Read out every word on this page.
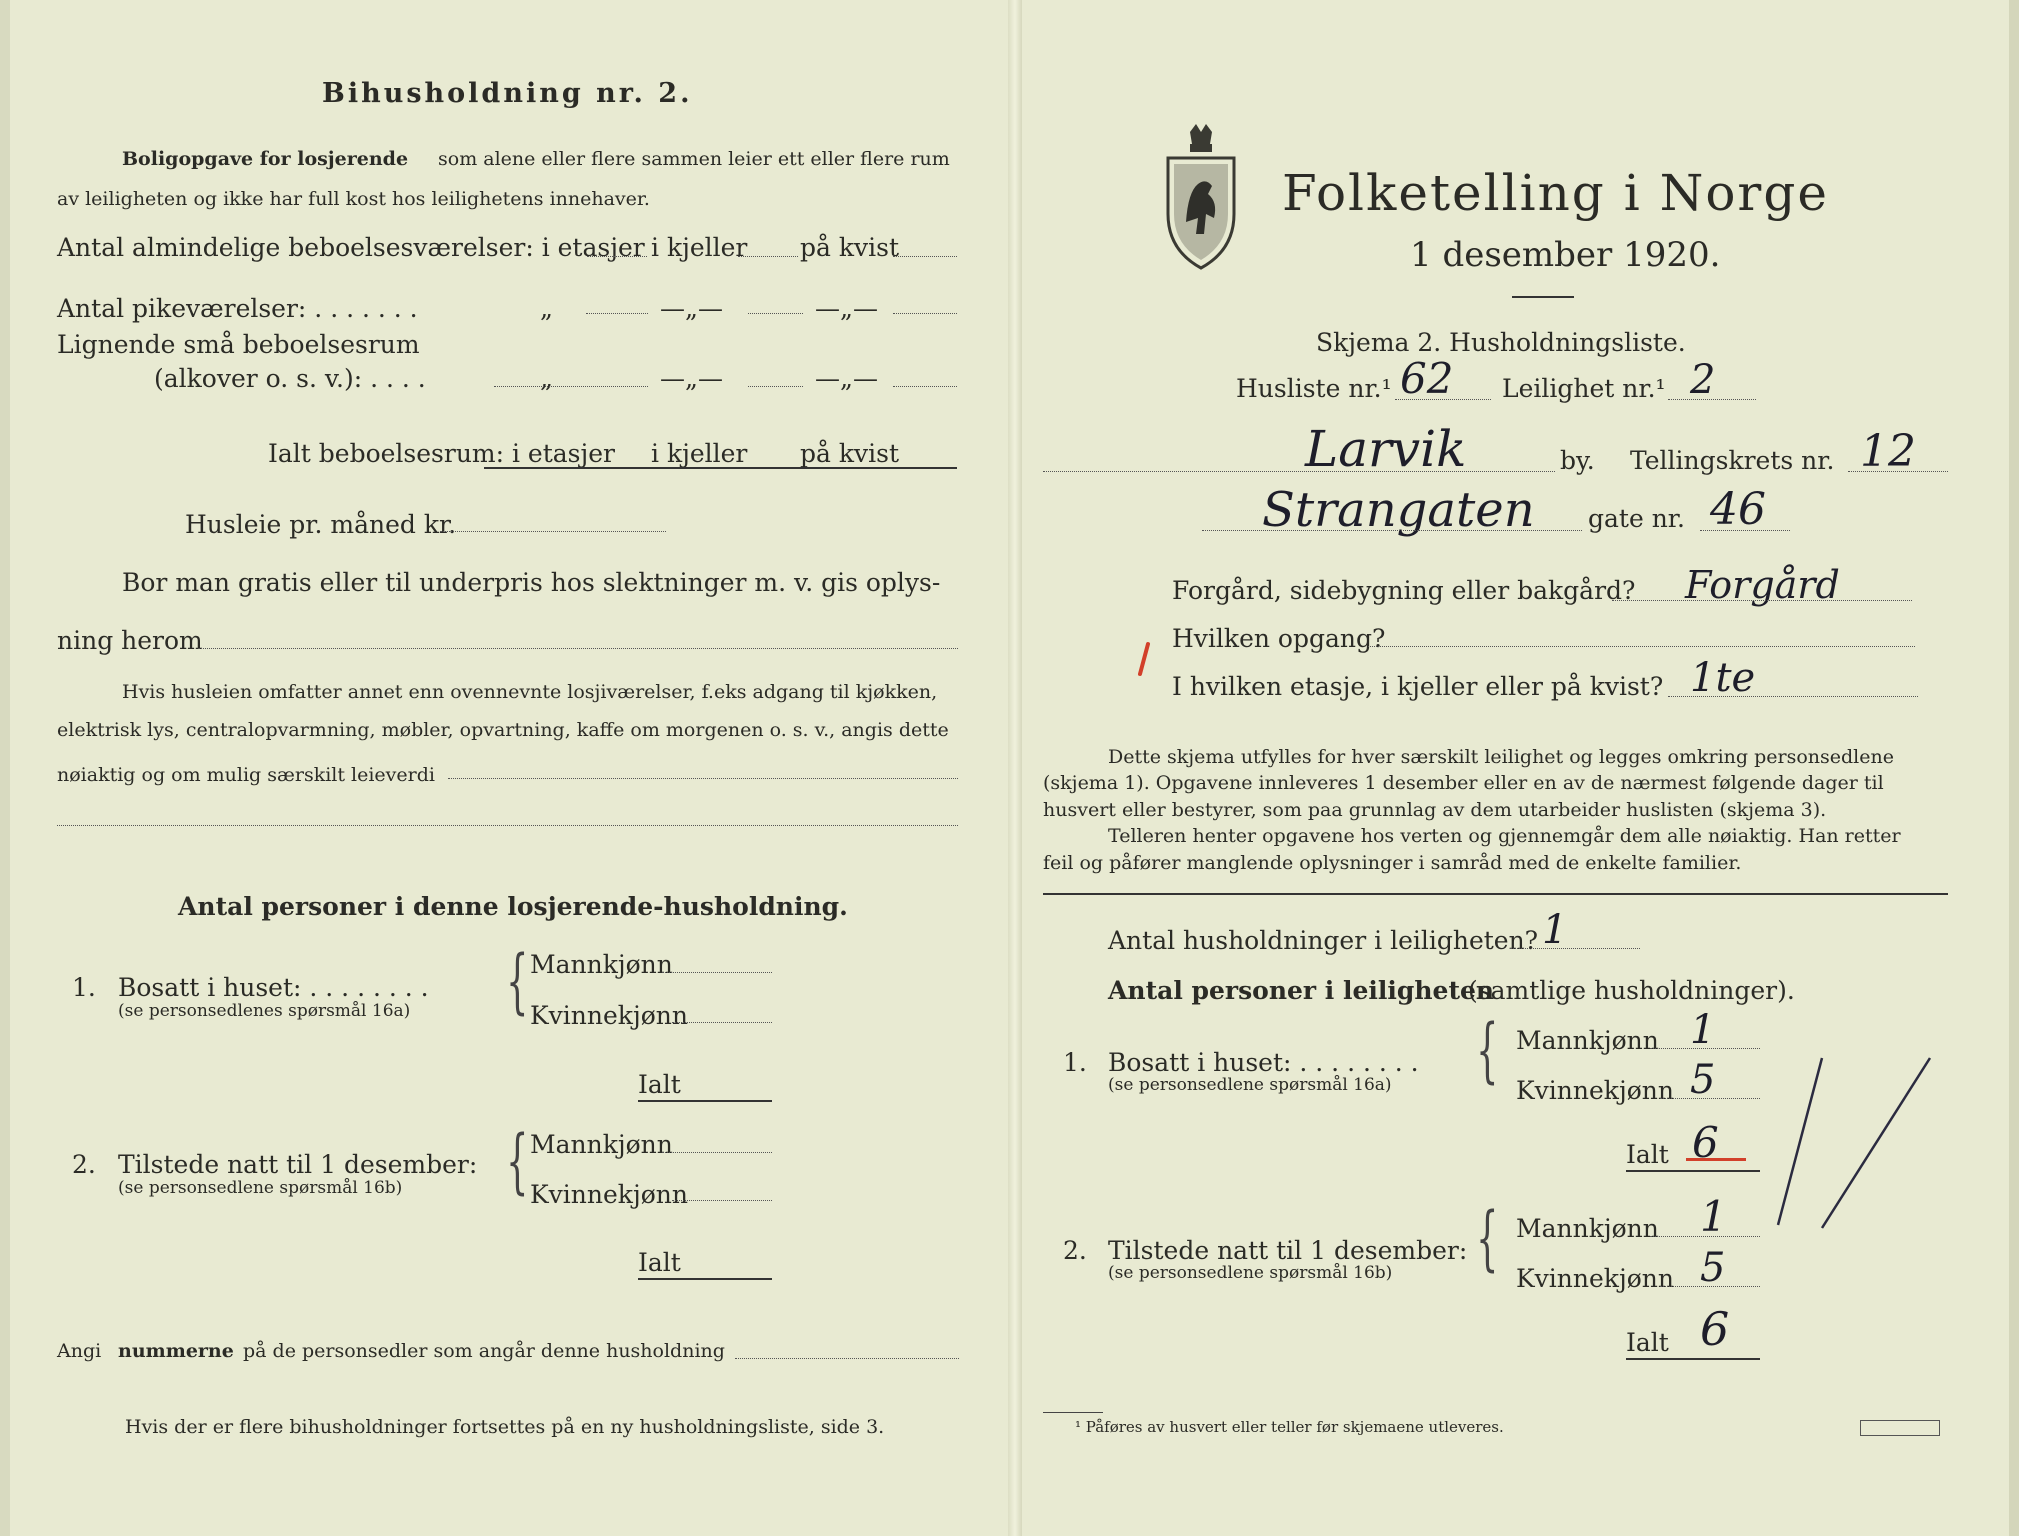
Bihusholdning nr. 2.
Boligopgave for losjerende som alene eller flere sammen leier ett eller flere rum
av leiligheten og ikke har full kost hos leilighetens innehaver.
Antal almindelige beboelsesværelser: i etasjer i kjeller på kvist
Antal pikeværelser: . . . . . . .	„	—„—	—„—
Lignende små beboelsesrum
(alkover o. s. v.): . . . .	„	—„—	—„—
Ialt beboelsesrum: i etasjer i kjeller på kvist
Husleie pr. måned kr.
Bor man gratis eller til underpris hos slektninger m. v. gis oplys-
ning herom
Hvis husleien omfatter annet enn ovennevnte losjiværelser, f.eks adgang til kjøkken,
elektrisk lys, centralopvarmning, møbler, opvartning, kaffe om morgenen o. s. v., angis dette
nøiaktig og om mulig særskilt leieverdi
Antal personer i denne losjerende-husholdning.
1. Bosatt i huset: . . . . . . . .
(se personsedlenes spørsmål 16a) { Mannkjønn
Kvinnekjønn
Ialt
2. Tilstede natt til 1 desember:
(se personsedlene spørsmål 16b) { Mannkjønn
Kvinnekjønn
Ialt
Angi nummerne på de personsedler som angår denne husholdning
Hvis der er flere bihusholdninger fortsettes på en ny husholdningsliste, side 3.
Folketelling i Norge
1 desember 1920.
Skjema 2. Husholdningsliste.
Husliste nr.¹ 62 Leilighet nr.¹ 2
Larvik	by. Tellingskrets nr. 12
Strangaten gate nr. 46
Forgård, sidebygning eller bakgård? Forgård
Hvilken opgang?
I hvilken etasje, i kjeller eller på kvist? 1te
Dette skjema utfylles for hver særskilt leilighet og legges omkring personsedlene
(skjema 1). Opgavene innleveres 1 desember eller en av de nærmest følgende dager til
husvert eller bestyrer, som paa grunnlag av dem utarbeider huslisten (skjema 3).
Telleren henter opgavene hos verten og gjennemgår dem alle nøiaktig. Han retter
feil og påfører manglende oplysninger i samråd med de enkelte familier.
Antal husholdninger i leiligheten? 1
Antal personer i leiligheten
(samtlige husholdninger).
1. Bosatt i huset: . . . . . . . .
(se personsedlene spørsmål 16a) { Mannkjønn 1
Kvinnekjønn 5
Ialt 6
2. Tilstede natt til 1 desember:
(se personsedlene spørsmål 16b) { Mannkjønn 1
Kvinnekjønn 5
Ialt 6
¹ Påføres av husvert eller teller før skjemaene utleveres.
